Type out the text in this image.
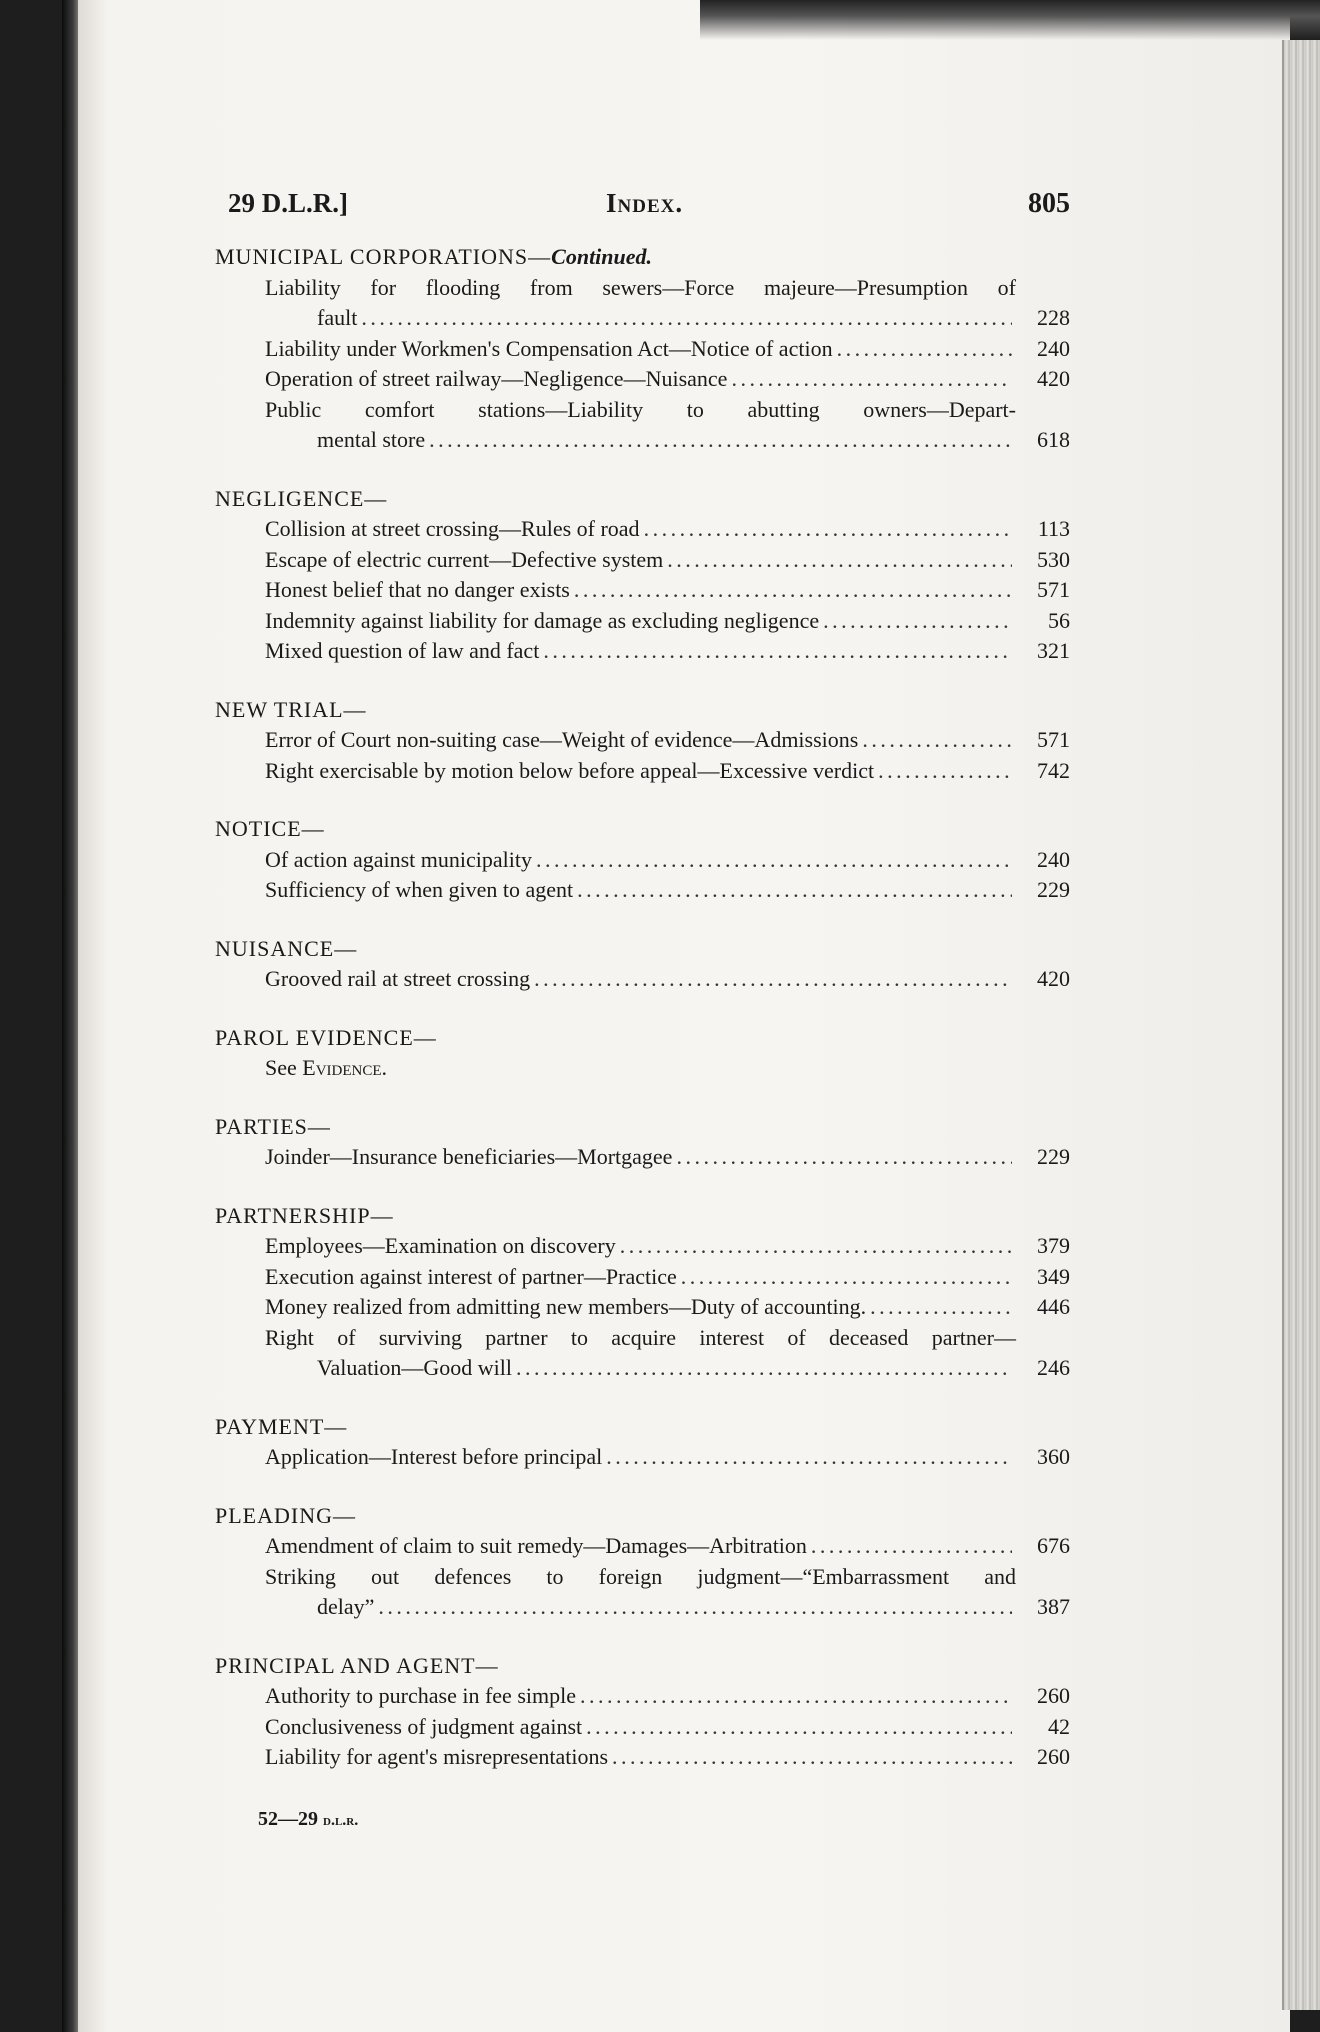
29 D.L.R.]	Index.	805
MUNICIPAL CORPORATIONS—Continued.
Liability for flooding from sewers—Force majeure—Presumption of
fault . . .	228
Liability under Workmen's Compensation Act—Notice of action . . .	240
Operation of street railway—Negligence—Nuisance . . .	420
Public comfort stations—Liability to abutting owners—Depart-
mental store . . .	618
NEGLIGENCE—
Collision at street crossing—Rules of road . . .	113
Escape of electric current—Defective system . . .	530
Honest belief that no danger exists . . .	571
Indemnity against liability for damage as excluding negligence . . .	56
Mixed question of law and fact . . .	321
NEW TRIAL—
Error of Court non-suiting case—Weight of evidence—Admissions . . .	571
Right exercisable by motion below before appeal—Excessive verdict . . .	742
NOTICE—
Of action against municipality . . .	240
Sufficiency of when given to agent . . .	229
NUISANCE—
Grooved rail at street crossing . . .	420
PAROL EVIDENCE—
See Evidence.
PARTIES—
Joinder—Insurance beneficiaries—Mortgagee . . .	229
PARTNERSHIP—
Employees—Examination on discovery . . .	379
Execution against interest of partner—Practice . . .	349
Money realized from admitting new members—Duty of accounting. . . .	446
Right of surviving partner to acquire interest of deceased partner—
Valuation—Good will . . .	246
PAYMENT—
Application—Interest before principal . . .	360
PLEADING—
Amendment of claim to suit remedy—Damages—Arbitration . . .	676
Striking out defences to foreign judgment—“Embarrassment and
delay” . . .	387
PRINCIPAL AND AGENT—
Authority to purchase in fee simple . . .	260
Conclusiveness of judgment against . . .	42
Liability for agent's misrepresentations . . .	260
52—29 d.l.r.
